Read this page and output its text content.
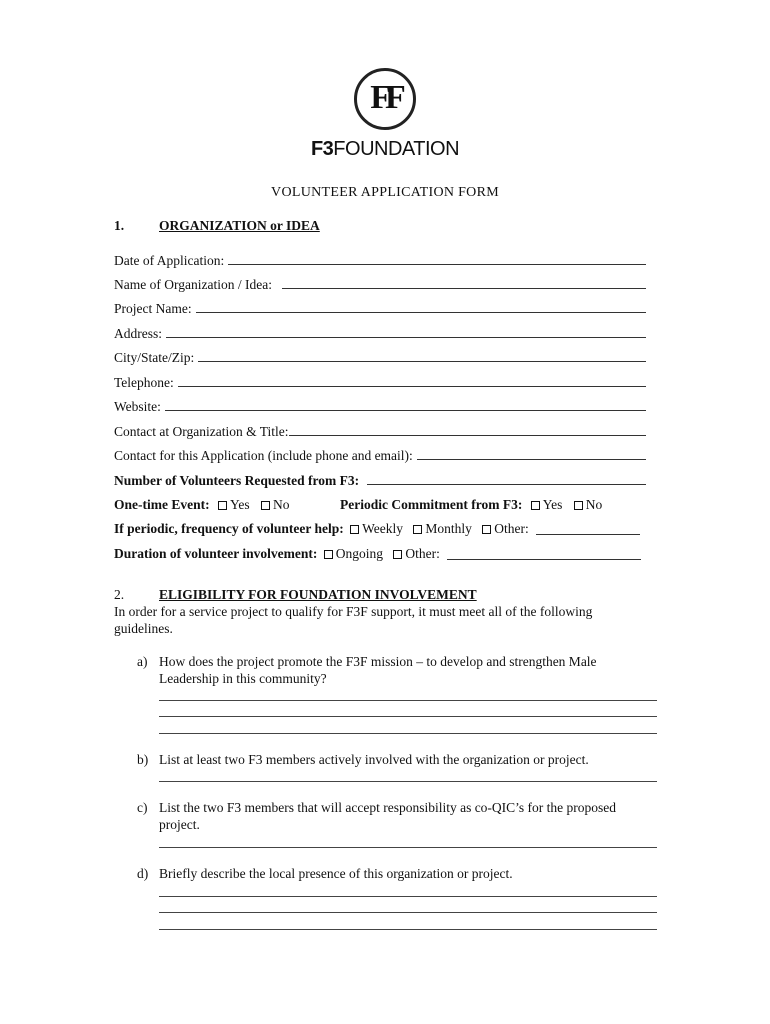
FF
F3FOUNDATION
VOLUNTEER APPLICATION FORM
1.	ORGANIZATION or IDEA
Date of Application:
Name of Organization / Idea:
Project Name:
Address:
City/State/Zip:
Telephone:
Website:
Contact at Organization & Title:
Contact for this Application (include phone and email):
Number of Volunteers Requested from F3:
One-time Event: Yes No	Periodic Commitment from F3: Yes No
If periodic, frequency of volunteer help: Weekly Monthly Other:
Duration of volunteer involvement: Ongoing Other:
2.	ELIGIBILITY FOR FOUNDATION INVOLVEMENT
In order for a service project to qualify for F3F support, it must meet all of the following guidelines.
a) How does the project promote the F3F mission – to develop and strengthen Male Leadership in this community?
b) List at least two F3 members actively involved with the organization or project.
c) List the two F3 members that will accept responsibility as co-QIC’s for the proposed project.
d) Briefly describe the local presence of this organization or project.
